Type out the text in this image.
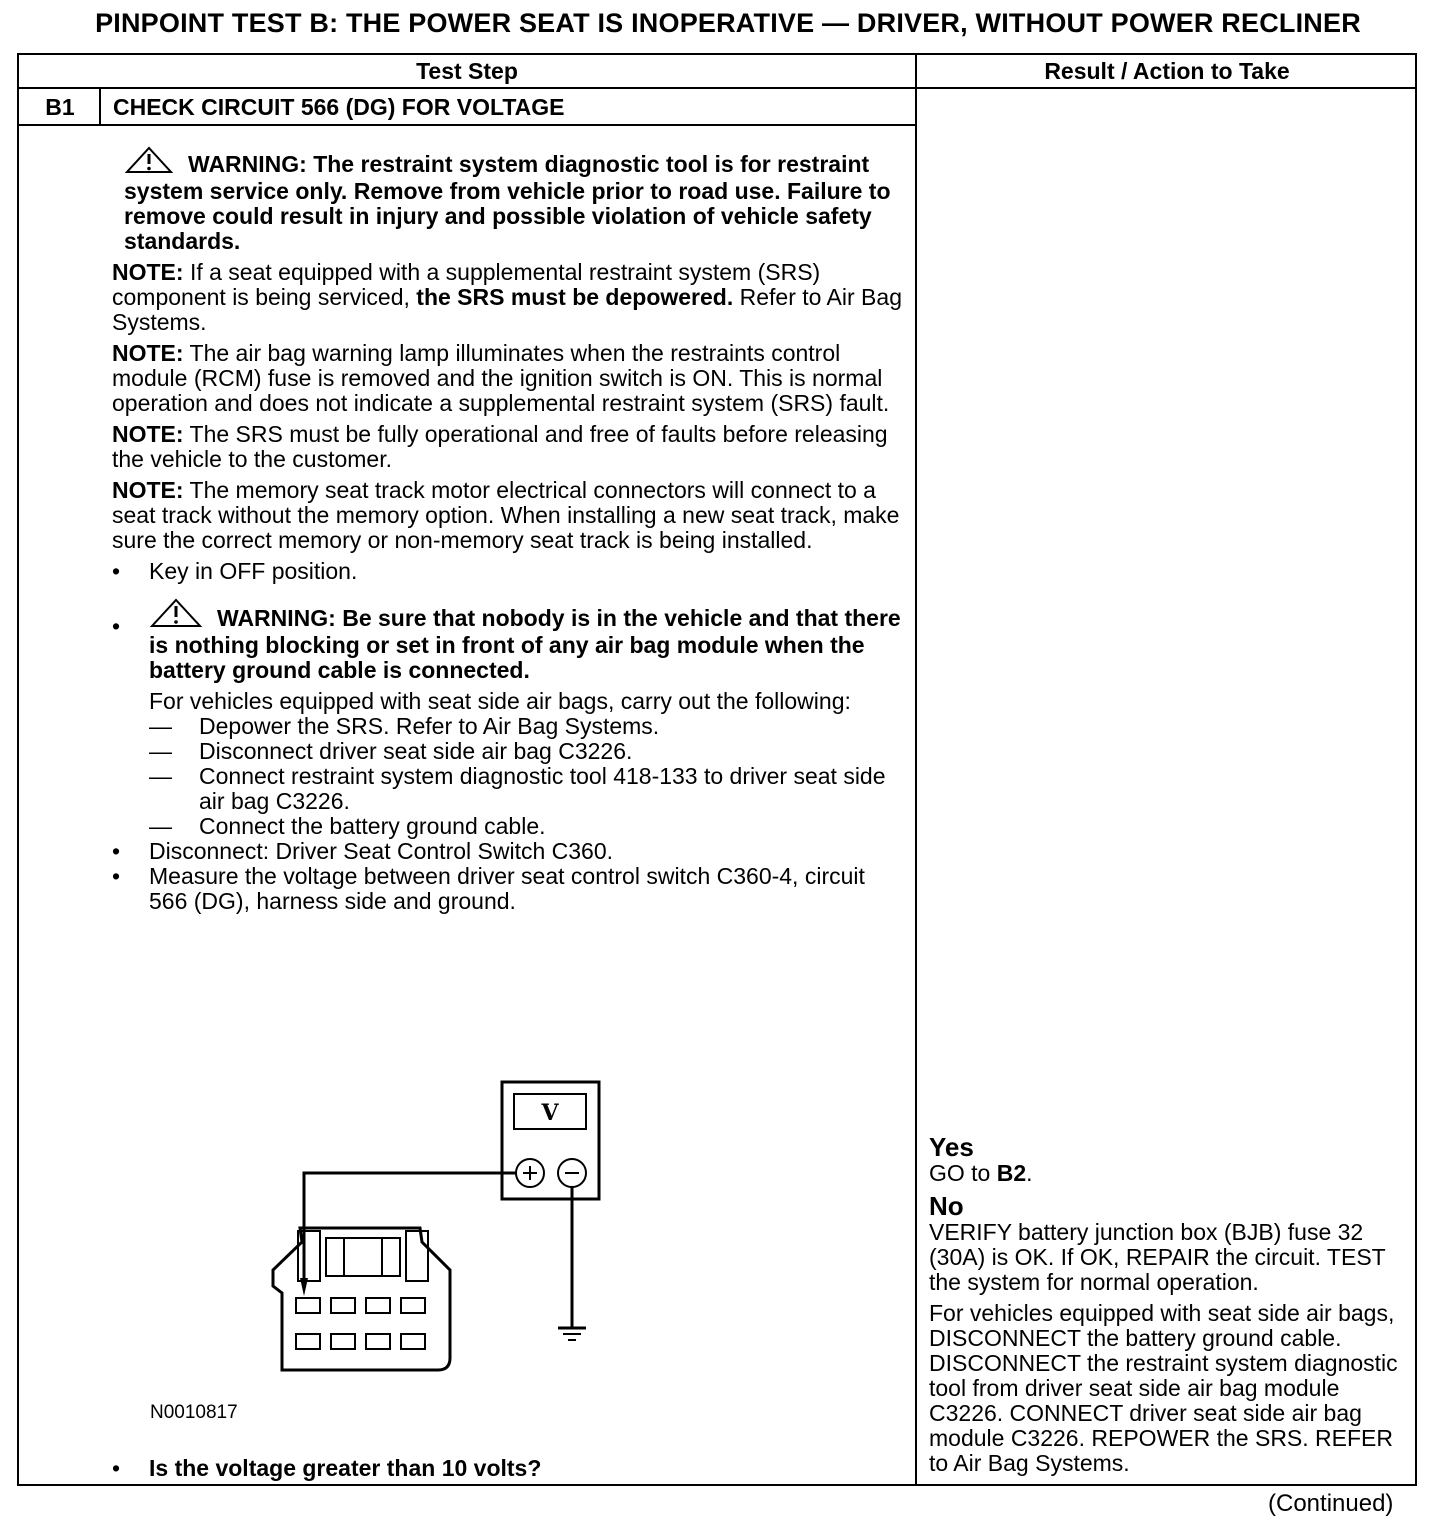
PINPOINT TEST B: THE POWER SEAT IS INOPERATIVE — DRIVER, WITHOUT POWER RECLINER
Test Step	Result / Action to Take
B1	CHECK CIRCUIT 566 (DG) FOR VOLTAGE

WARNING: The restraint system diagnostic tool is for restraint system service only. Remove from vehicle prior to road use. Failure to remove could result in injury and possible violation of vehicle safety standards.

NOTE: If a seat equipped with a supplemental restraint system (SRS) component is being serviced, the SRS must be depowered. Refer to Air Bag Systems.

NOTE: The air bag warning lamp illuminates when the restraints control module (RCM) fuse is removed and the ignition switch is ON. This is normal operation and does not indicate a supplemental restraint system (SRS) fault.

NOTE: The SRS must be fully operational and free of faults before releasing the vehicle to the customer.

NOTE: The memory seat track motor electrical connectors will connect to a seat track without the memory option. When installing a new seat track, make sure the correct memory or non-memory seat track is being installed.

•	Key in OFF position.
•	WARNING: Be sure that nobody is in the vehicle and that there is nothing blocking or set in front of any air bag module when the battery ground cable is connected.

For vehicles equipped with seat side air bags, carry out the following:
— Depower the SRS. Refer to Air Bag Systems.
— Disconnect driver seat side air bag C3226.
— Connect restraint system diagnostic tool 418-133 to driver seat side air bag C3226.
— Connect the battery ground cable.
•	Disconnect: Driver Seat Control Switch C360.
•	Measure the voltage between driver seat control switch C360-4, circuit 566 (DG), harness side and ground.
V
N0010817
• Is the voltage greater than 10 volts?
Yes

GO to B2.

No

VERIFY battery junction box (BJB) fuse 32 (30A) is OK. If OK, REPAIR the circuit. TEST the system for normal operation.

For vehicles equipped with seat side air bags, DISCONNECT the battery ground cable. DISCONNECT the restraint system diagnostic tool from driver seat side air bag module C3226. CONNECT driver seat side air bag module C3226. REPOWER the SRS. REFER to Air Bag Systems.

(Continued)
